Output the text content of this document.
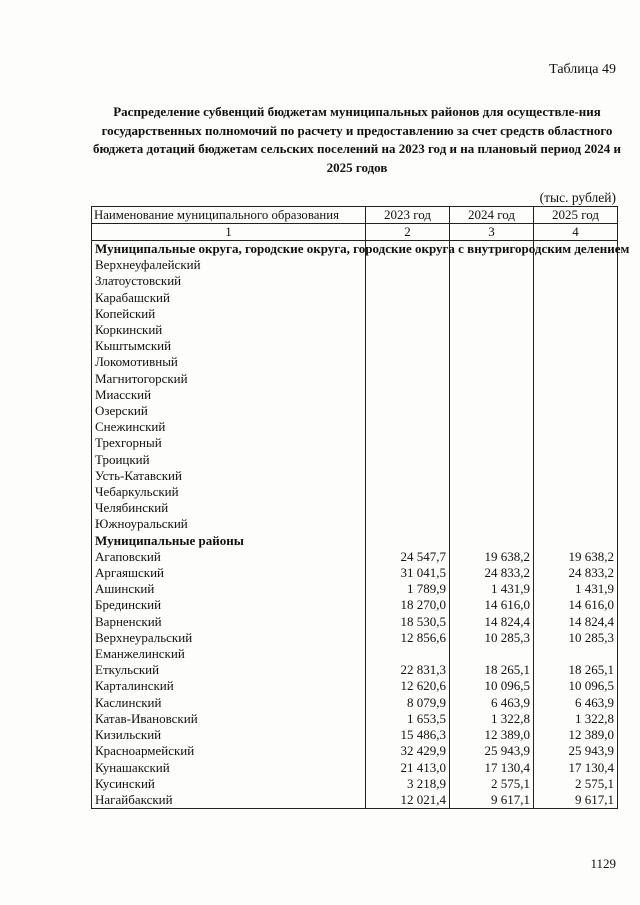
Таблица 49
Распределение субвенций бюджетам муниципальных районов для осуществле-ния государственных полномочий по расчету и предоставлению за счет средств областного бюджета дотаций бюджетам сельских поселений на 2023 год и на плановый период 2024 и 2025 годов
(тыс. рублей)
Наименование муниципального образования	2023 год	2024 год	2025 год
1	2	3	4
Муниципальные округа, городские округа, городские округа с внутригородским делением			
Верхнеуфалейский			
Златоустовский			
Карабашский			
Копейский			
Коркинский			
Кыштымский			
Локомотивный			
Магнитогорский			
Миасский			
Озерский			
Снежинский			
Трехгорный			
Троицкий			
Усть-Катавский			
Чебаркульский			
Челябинский			
Южноуральский			
Муниципальные районы			
Агаповский	24 547,7	19 638,2	19 638,2
Аргаяшский	31 041,5	24 833,2	24 833,2
Ашинский	1 789,9	1 431,9	1 431,9
Брединский	18 270,0	14 616,0	14 616,0
Варненский	18 530,5	14 824,4	14 824,4
Верхнеуральский	12 856,6	10 285,3	10 285,3
Еманжелинский			
Еткульский	22 831,3	18 265,1	18 265,1
Карталинский	12 620,6	10 096,5	10 096,5
Каслинский	8 079,9	6 463,9	6 463,9
Катав-Ивановский	1 653,5	1 322,8	1 322,8
Кизильский	15 486,3	12 389,0	12 389,0
Красноармейский	32 429,9	25 943,9	25 943,9
Кунашакский	21 413,0	17 130,4	17 130,4
Кусинский	3 218,9	2 575,1	2 575,1
Нагайбакский	12 021,4	9 617,1	9 617,1
1129
